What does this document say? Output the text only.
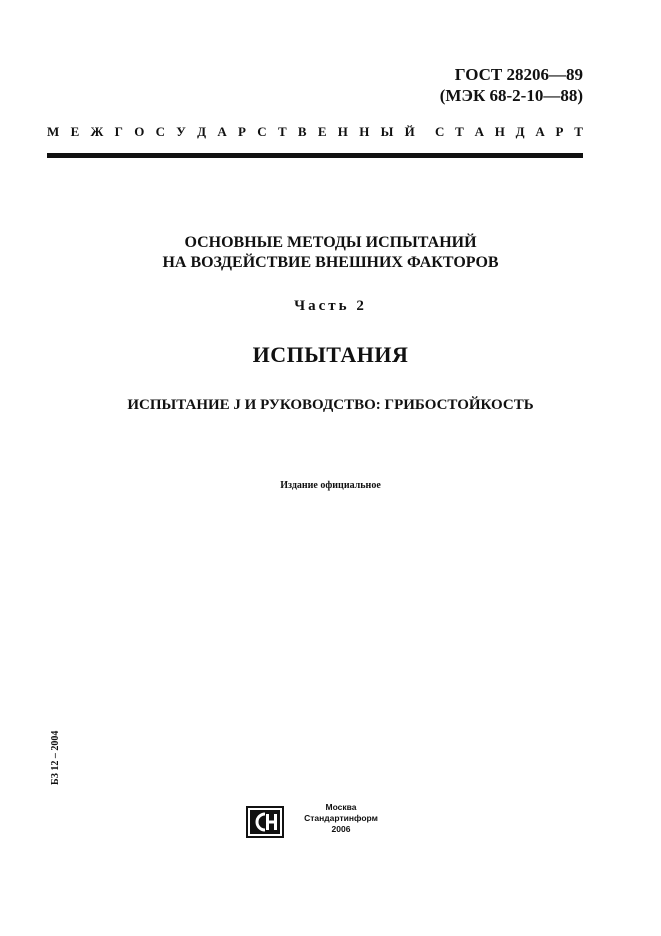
ГОСТ 28206—89
(МЭК 68-2-10—88)
М Е Ж Г О С У Д А Р С Т В Е Н Н Ы Й С Т А Н Д А Р Т
ОСНОВНЫЕ МЕТОДЫ ИСПЫТАНИЙ
НА ВОЗДЕЙСТВИЕ ВНЕШНИХ ФАКТОРОВ
Часть 2
ИСПЫТАНИЯ
ИСПЫТАНИЕ J И РУКОВОДСТВО: ГРИБОСТОЙКОСТЬ
Издание официальное
БЗ 12 – 2004
Москва
Стандартинформ
2006
